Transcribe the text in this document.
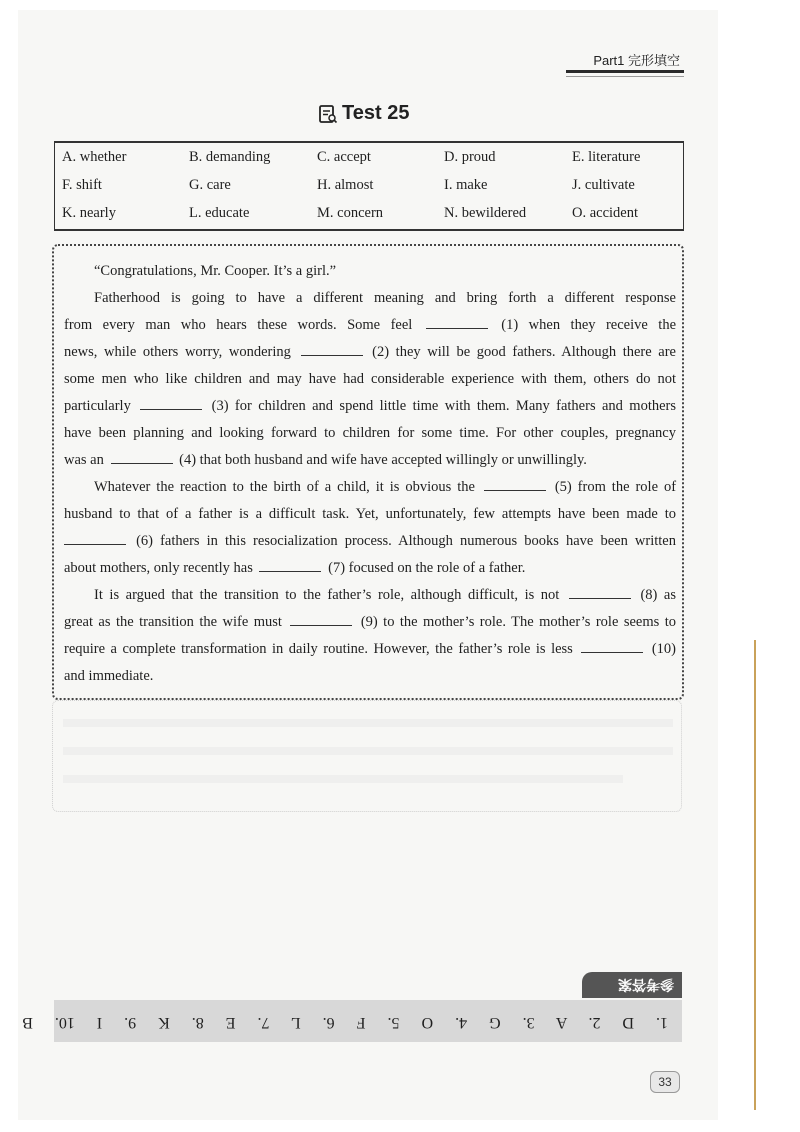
Part1 完形填空
Test 25
A. whether	B. demanding	C. accept	D. proud	E. literature
F. shift	G. care	H. almost	I. make	J. cultivate
K. nearly	L. educate	M. concern	N. bewildered	O. accident
“Congratulations, Mr. Cooper. It’s a girl.”
Fatherhood is going to have a different meaning and bring forth a different response
from every man who hears these words. Some feel	(1) when they receive the
news, while others worry, wondering	(2) they will be good fathers. Although there are
some men who like children and may have had considerable experience with them, others do not
particularly	(3) for children and spend little time with them. Many fathers and mothers
have been planning and looking forward to children for some time. For other couples, pregnancy
was an	(4) that both husband and wife have accepted willingly or unwillingly.
Whatever the reaction to the birth of a child, it is obvious the	(5) from the role of
husband to that of a father is a difficult task. Yet, unfortunately, few attempts have been made to
(6) fathers in this resocialization process. Although numerous books have been written
about mothers, only recently has	(7) focused on the role of a father.
It is argued that the transition to the father’s role, although difficult, is not	(8) as
great as the transition the wife must	(9) to the mother’s role. The mother’s role seems to
require a complete transformation in daily routine. However, the father’s role is less	(10)
and immediate.
1. D 2. A 3. G 4. O 5. F 6. L 7. E 8. K 9. I 10. B
参考答案
33
